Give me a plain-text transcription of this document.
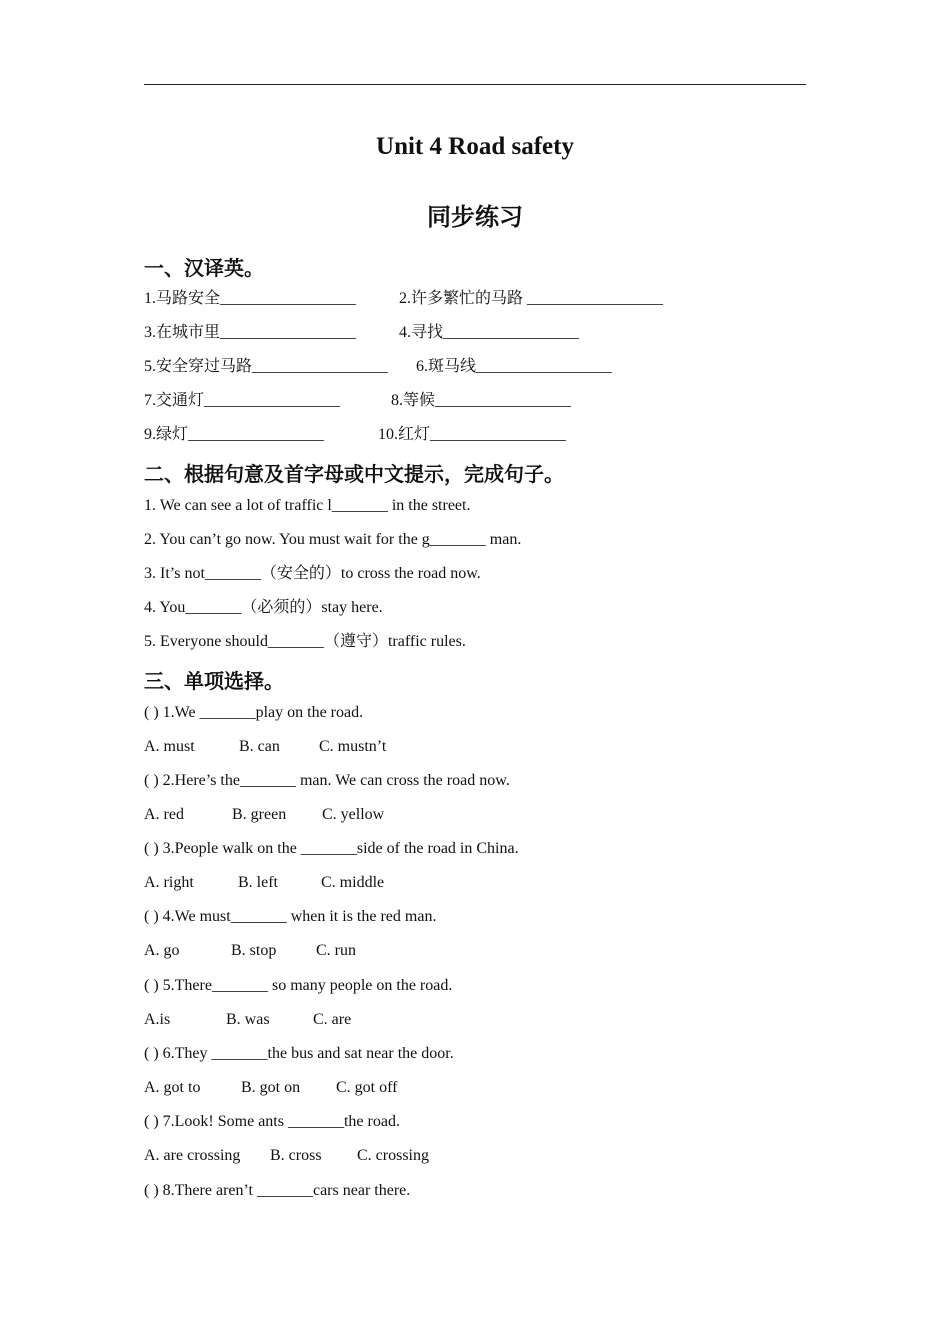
Unit 4 Road safety
同步练习
一、汉译英。
1.马路安全_________________	2.许多繁忙的马路 _________________
3.在城市里_________________	4.寻找_________________
5.安全穿过马路_________________ 6.斑马线_________________
7.交通灯_________________	8.等候_________________
9.绿灯_________________	10.红灯_________________
二、根据句意及首字母或中文提示，完成句子。
1. We can see a lot of traffic l_______ in the street.
2. You can’t go now. You must wait for the g_______ man.
3. It’s not_______（安全的）to cross the road now.
4. You_______（必须的）stay here.
5. Everyone should_______（遵守）traffic rules.
三、单项选择。
( ) 1.We _______play on the road.
A. must	B. can C. mustn’t
( ) 2.Here’s the_______ man. We can cross the road now.
A. red	B. green C. yellow
( ) 3.People walk on the _______side of the road in China.
A. right	B. left	C. middle
( ) 4.We must_______ when it is the red man.
A. go	B. stop C. run
( ) 5.There_______ so many people on the road.
A.is	B. was	C. are
( ) 6.They _______the bus and sat near the door.
A. got to	B. got on C. got off
( ) 7.Look! Some ants _______the road.
A. are crossing B. cross C. crossing
( ) 8.There aren’t _______cars near there.
